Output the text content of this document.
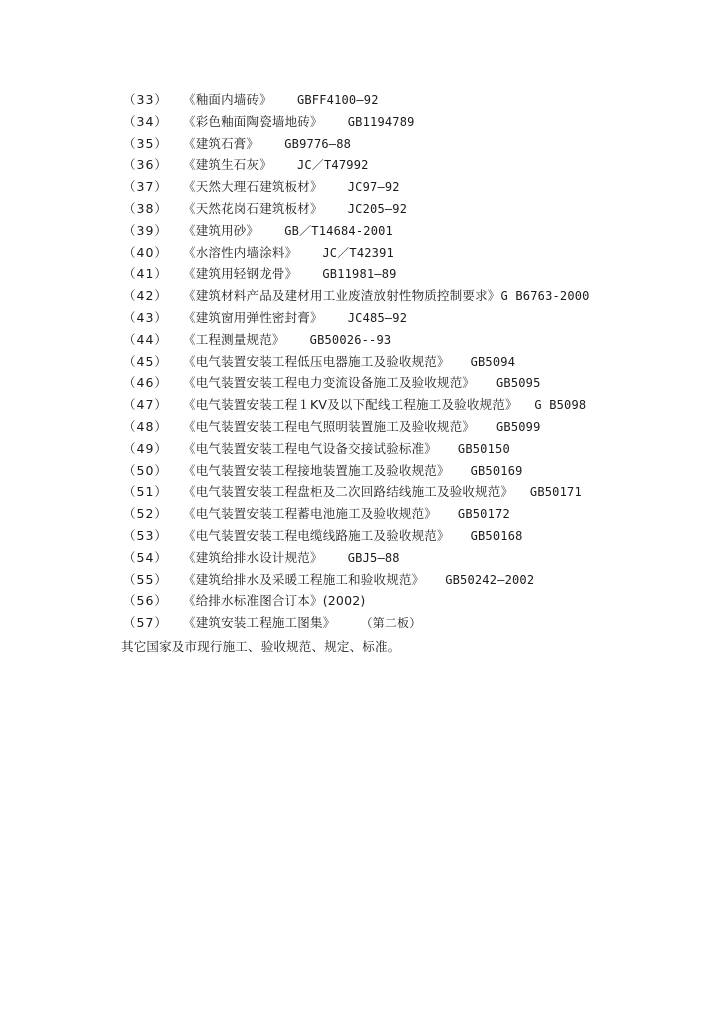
（33） 《釉面内墙砖》 GBFF4100—92
（34） 《彩色釉面陶瓷墙地砖》 GB1194789
（35） 《建筑石膏》 GB9776—88
（36） 《建筑生石灰》 JC／T47992
（37） 《天然大理石建筑板材》 JC97—92
（38） 《天然花岗石建筑板材》 JC205—92
（39） 《建筑用砂》 GB／T14684-2001
（40） 《水溶性内墙涂料》 JC／T42391
（41） 《建筑用轻钢龙骨》 GB11981—89
（42） 《建筑材料产品及建材用工业废渣放射性物质控制要求》G B6763-2000
（43） 《建筑窗用弹性密封膏》 JC485—92
（44） 《工程测量规范》 GB50026--93
（45） 《电气装置安装工程低压电器施工及验收规范》 GB5094
（46） 《电气装置安装工程电力变流设备施工及验收规范》 GB5095
（47） 《电气装置安装工程１KV及以下配线工程施工及验收规范》 G B5098
（48） 《电气装置安装工程电气照明装置施工及验收规范》 GB5099
（49） 《电气装置安装工程电气设备交接试验标准》 GB50150
（50） 《电气装置安装工程接地装置施工及验收规范》 GB50169
（51） 《电气装置安装工程盘柜及二次回路结线施工及验收规范》 GB50171
（52） 《电气装置安装工程蓄电池施工及验收规范》 GB50172
（53） 《电气装置安装工程电缆线路施工及验收规范》 GB50168
（54） 《建筑给排水设计规范》 GBJ5—88
（55） 《建筑给排水及采暖工程施工和验收规范》 GB50242—2002
（56） 《给排水标准图合订本》(2002)
（57） 《建筑安装工程施工图集》 （第二板）
其它国家及市现行施工、验收规范、规定、标准。
